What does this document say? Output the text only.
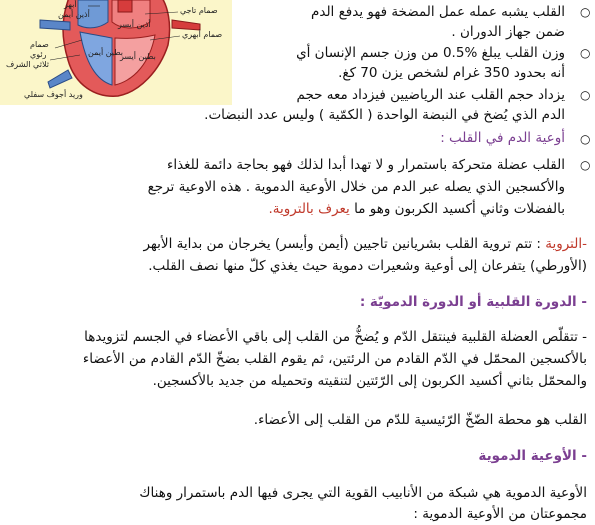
أبهر
أذين أيسر
أذين أيمن	صمام تاجي
صمام أبهري
بطين أيسر
بطين أيمن
صمام
رئوي
ثلاثي الشرف
وريد أجوف سفلي
○
القلب يشبه عمله عمل المضخة فهو يدفع الدم
ضمن جهاز الدوران .
○
وزن القلب يبلغ %0.5 من وزن جسم الإنسان أي
أنه بحدود 350 غرام لشخص يزن 70 كغ.
○
يزداد حجم القلب عند الرياضيين فيزداد معه حجم
الدم الذي يُضخ في النبضة الواحدة ( الكمّية ) وليس عدد النبضات.
○
أوعية الدم في القلب :
○
القلب عضلة متحركة باستمرار و لا تهدا أبدا لذلك فهو بحاجة دائمة للغذاء
والأكسجين الذي يصله عبر الدم من خلال الأوعية الدموية . هذه الاوعية ترجع
بالفضلات وثاني أكسيد الكربون وهو ما يعرف بالتروية.
-التروية : تتم تروية القلب بشريانين تاجيين (أيمن وأيسر) يخرجان من بداية الأبهر
(الأورطي) يتفرعان إلى أوعية وشعيرات دموية حيث يغذي كلّ منها نصف القلب.
- الدورة القلبية أو الدورة الدمويّة :
- تتقلّص العضلة القلبية فينتقل الدّم و يُضخُّ من القلب إلى باقي الأعضاء في الجسم لتزويدها
بالأكسجين المحمّل في الدّم القادم من الرئتين، ثم يقوم القلب بضخّ الدّم القادم من الأعضاء
والمحمّل بثاني أكسيد الكربون إلى الرّئتين لتنقيته وتحميله من جديد بالأكسجين.
القلب هو محطة الضّخّ الرّئيسية للدّم من القلب إلى الأعضاء.
- الأوعية الدموية
الأوعية الدموية هي شبكة من الأنابيب القوية التي يجرى فيها الدم باستمرار وهناك
مجموعتان من الأوعية الدموية :
